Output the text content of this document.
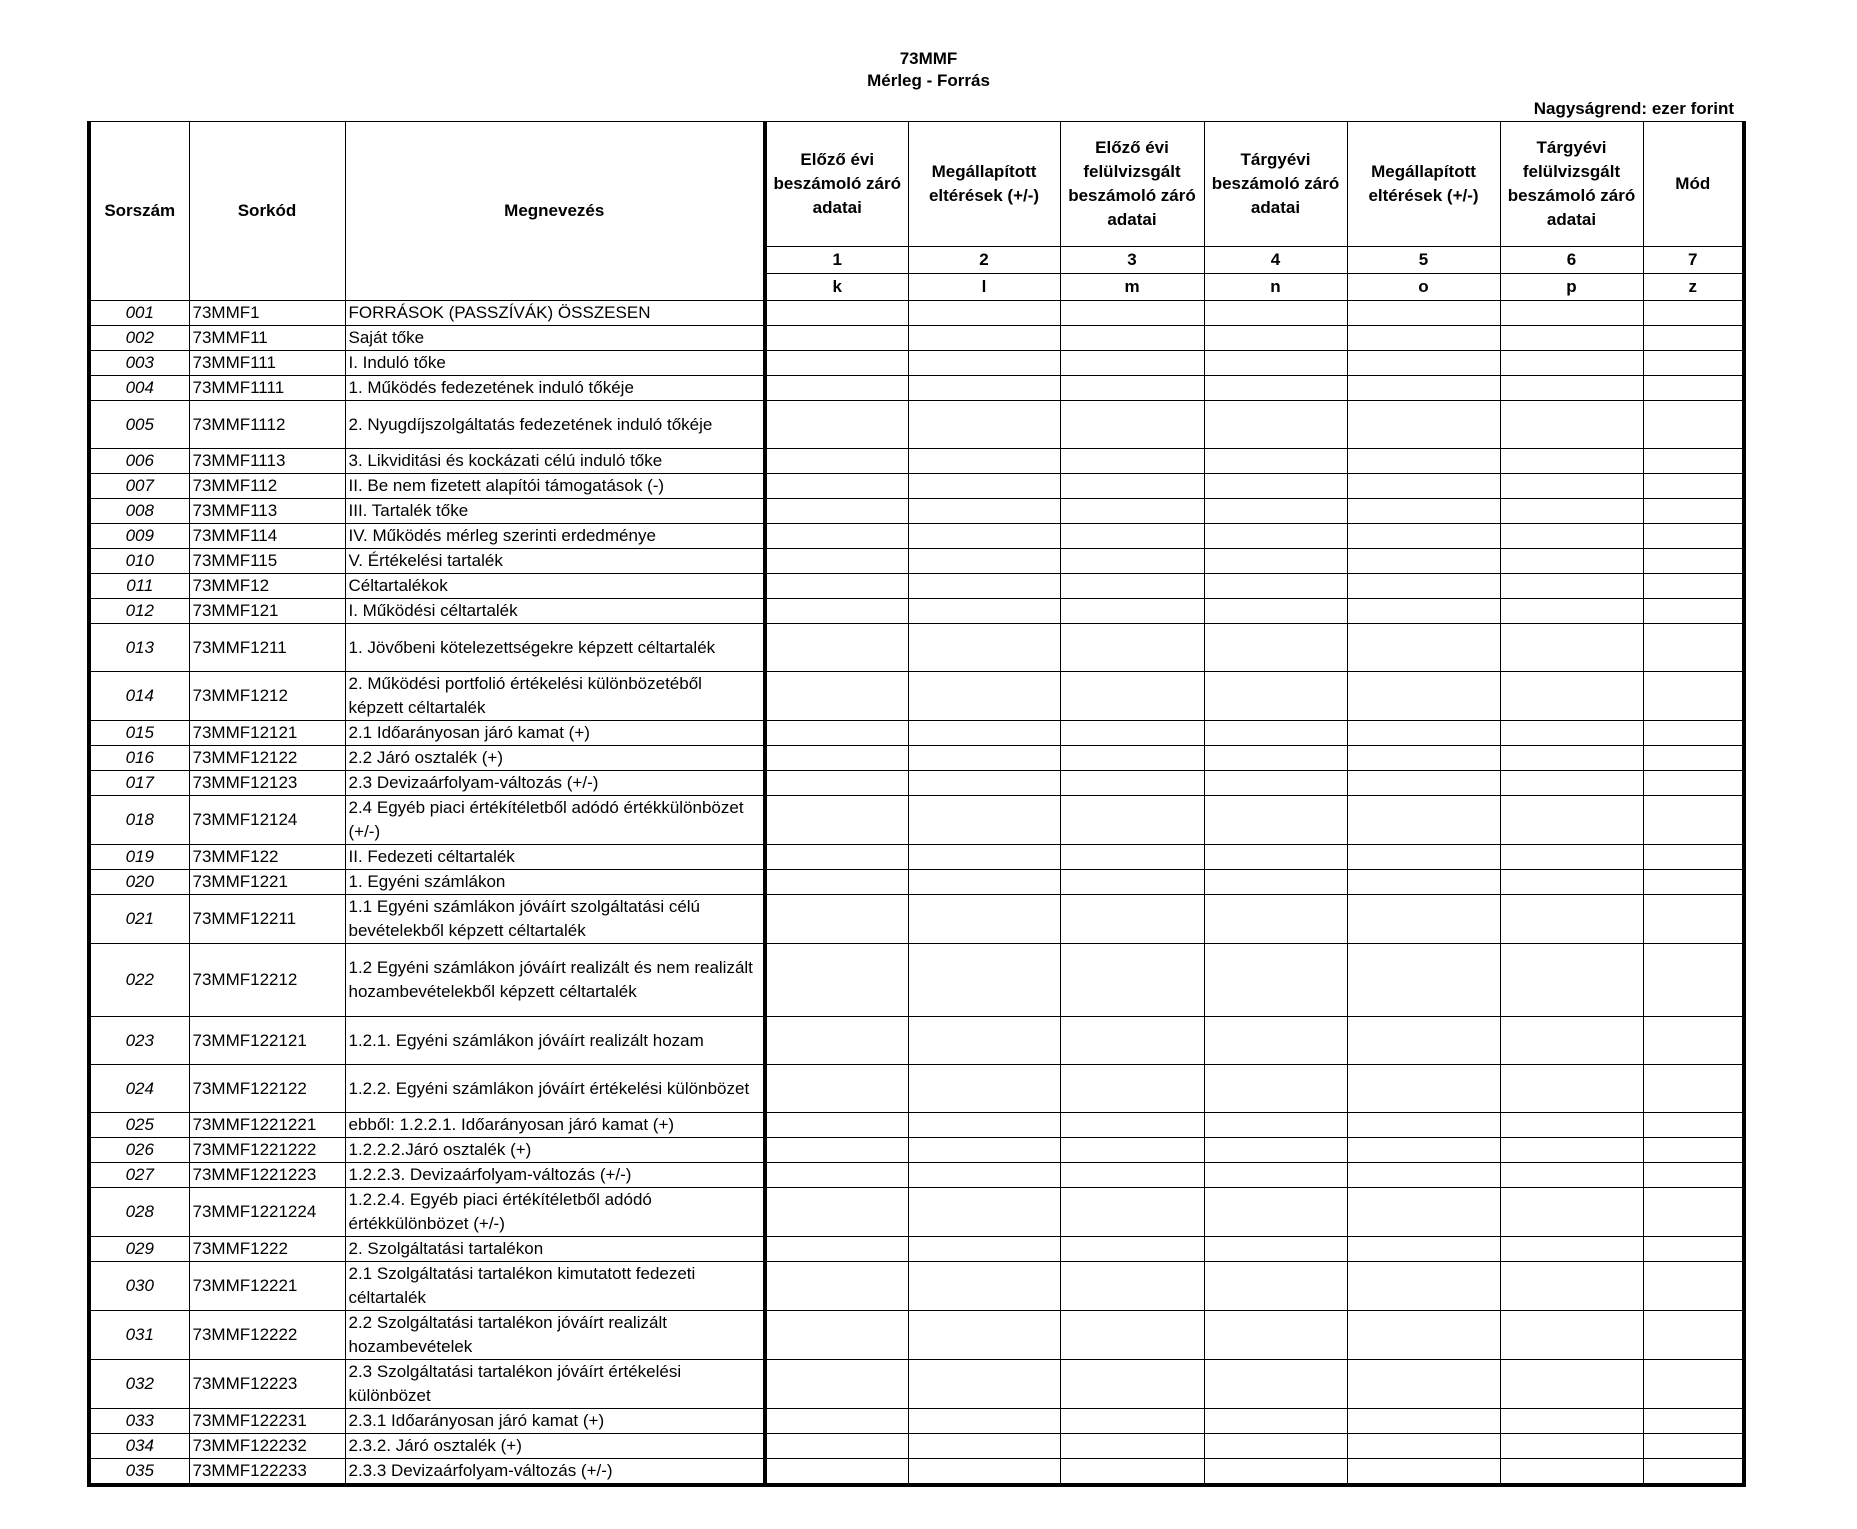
73MMF
Mérleg - Forrás
Nagyságrend: ezer forint
Sorszám	Sorkód	Megnevezés	Előző évi beszámoló záró adatai	Megállapított eltérések (+/-)	Előző évi felülvizsgált beszámoló záró adatai	Tárgyévi beszámoló záró adatai	Megállapított eltérések (+/-)	Tárgyévi felülvizsgált beszámoló záró adatai	Mód
			1	2	3	4	5	6	7
			k	l	m	n	o	p	z
001	73MMF1	FORRÁSOK (PASSZÍVÁK) ÖSSZESEN							
002	73MMF11	Saját tőke							
003	73MMF111	I. Induló tőke							
004	73MMF1111	1. Működés fedezetének induló tőkéje							
005	73MMF1112	2. Nyugdíjszolgáltatás fedezetének induló tőkéje							
006	73MMF1113	3. Likviditási és kockázati célú induló tőke							
007	73MMF112	II. Be nem fizetett alapítói támogatások (-)							
008	73MMF113	III. Tartalék tőke							
009	73MMF114	IV. Működés mérleg szerinti erdedménye							
010	73MMF115	V. Értékelési tartalék							
011	73MMF12	Céltartalékok							
012	73MMF121	I. Működési céltartalék							
013	73MMF1211	1. Jövőbeni kötelezettségekre képzett céltartalék							
014	73MMF1212	2. Működési portfolió értékelési különbözetéből képzett céltartalék							
015	73MMF12121	2.1 Időarányosan járó kamat (+)							
016	73MMF12122	2.2 Járó osztalék (+)							
017	73MMF12123	2.3 Devizaárfolyam-változás (+/-)							
018	73MMF12124	2.4 Egyéb piaci értékítéletből adódó értékkülönbözet (+/-)							
019	73MMF122	II. Fedezeti céltartalék							
020	73MMF1221	1. Egyéni számlákon							
021	73MMF12211	1.1 Egyéni számlákon jóváírt szolgáltatási célú bevételekből képzett céltartalék							
022	73MMF12212	1.2 Egyéni számlákon jóváírt realizált és nem realizált hozambevételekből képzett céltartalék							
023	73MMF122121	1.2.1. Egyéni számlákon jóváírt realizált hozam							
024	73MMF122122	1.2.2. Egyéni számlákon jóváírt értékelési különbözet							
025	73MMF1221221	ebből: 1.2.2.1. Időarányosan járó kamat (+)							
026	73MMF1221222	1.2.2.2.Járó osztalék (+)							
027	73MMF1221223	1.2.2.3. Devizaárfolyam-változás (+/-)							
028	73MMF1221224	1.2.2.4. Egyéb piaci értékítéletből adódó értékkülönbözet (+/-)							
029	73MMF1222	2. Szolgáltatási tartalékon							
030	73MMF12221	2.1 Szolgáltatási tartalékon kimutatott fedezeti céltartalék							
031	73MMF12222	2.2 Szolgáltatási tartalékon jóváírt realizált hozambevételek							
032	73MMF12223	2.3 Szolgáltatási tartalékon jóváírt értékelési különbözet							
033	73MMF122231	2.3.1 Időarányosan járó kamat (+)							
034	73MMF122232	2.3.2. Járó osztalék (+)							
035	73MMF122233	2.3.3 Devizaárfolyam-változás (+/-)							
